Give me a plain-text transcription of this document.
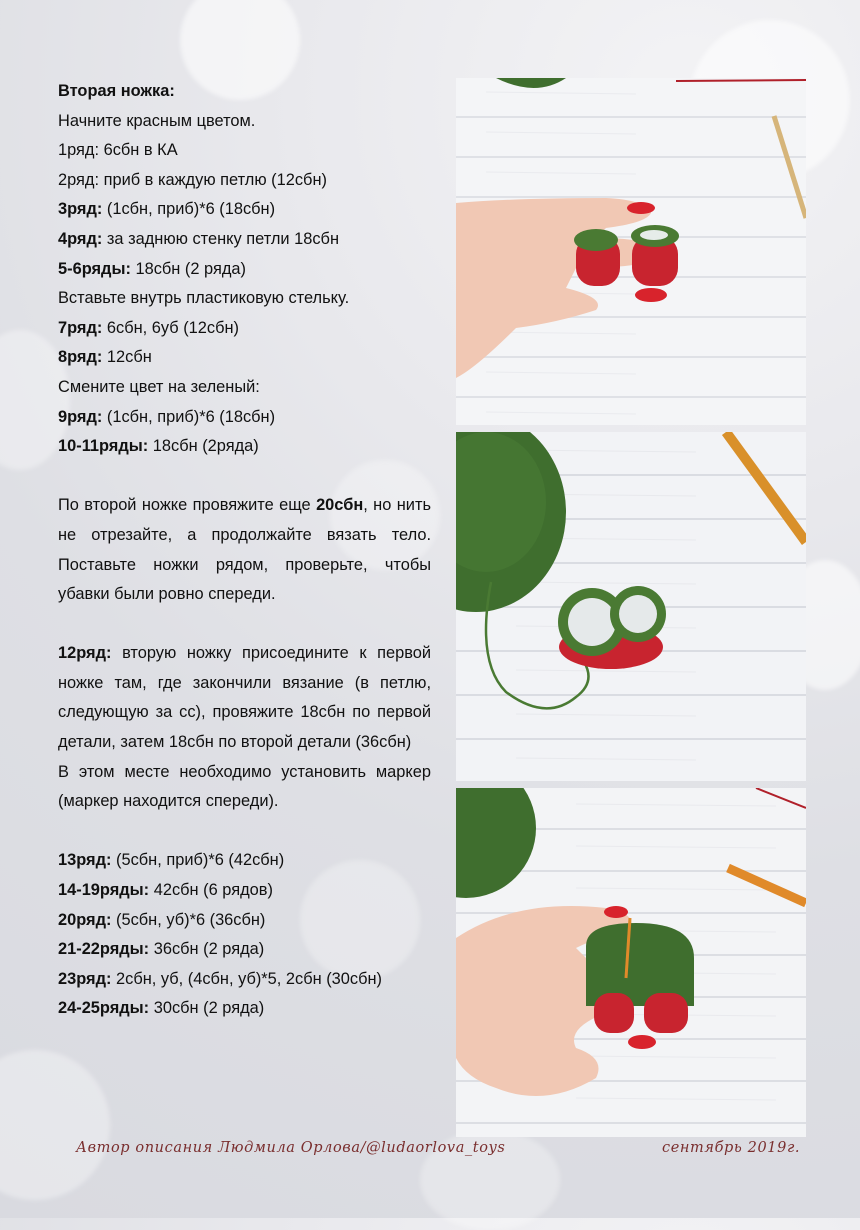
Вторая ножка:

Начните красным цветом.

1ряд: 6сбн в КА

2ряд: приб в каждую петлю (12сбн)

3ряд: (1сбн, приб)*6 (18сбн)

4ряд: за заднюю стенку петли 18сбн

5-6ряды: 18сбн (2 ряда)

Вставьте внутрь пластиковую стельку.

7ряд: 6сбн, 6уб (12сбн)

8ряд: 12сбн

Смените цвет на зеленый:

9ряд: (1сбн, приб)*6 (18сбн)

10-11ряды: 18сбн (2ряда)

По второй ножке провяжите еще 20сбн, но нить не отрезайте, а продолжайте вязать тело. Поставьте ножки рядом, проверьте, чтобы убавки были ровно спереди.

12ряд: вторую ножку присоедините к первой ножке там, где закончили вязание (в петлю, следующую за сс), провяжите 18сбн по первой детали, затем 18сбн по второй детали (36сбн)

В этом месте необходимо установить маркер (маркер находится спереди).

13ряд: (5сбн, приб)*6 (42сбн)

14-19ряды: 42сбн (6 рядов)

20ряд: (5сбн, уб)*6 (36сбн)

21-22ряды: 36сбн (2 ряда)

23ряд: 2сбн, уб, (4сбн, уб)*5, 2сбн (30сбн)

24-25ряды: 30сбн (2 ряда)

Автор описания Людмила Орлова/@ludaorlova_toys	сентябрь 2019г.
